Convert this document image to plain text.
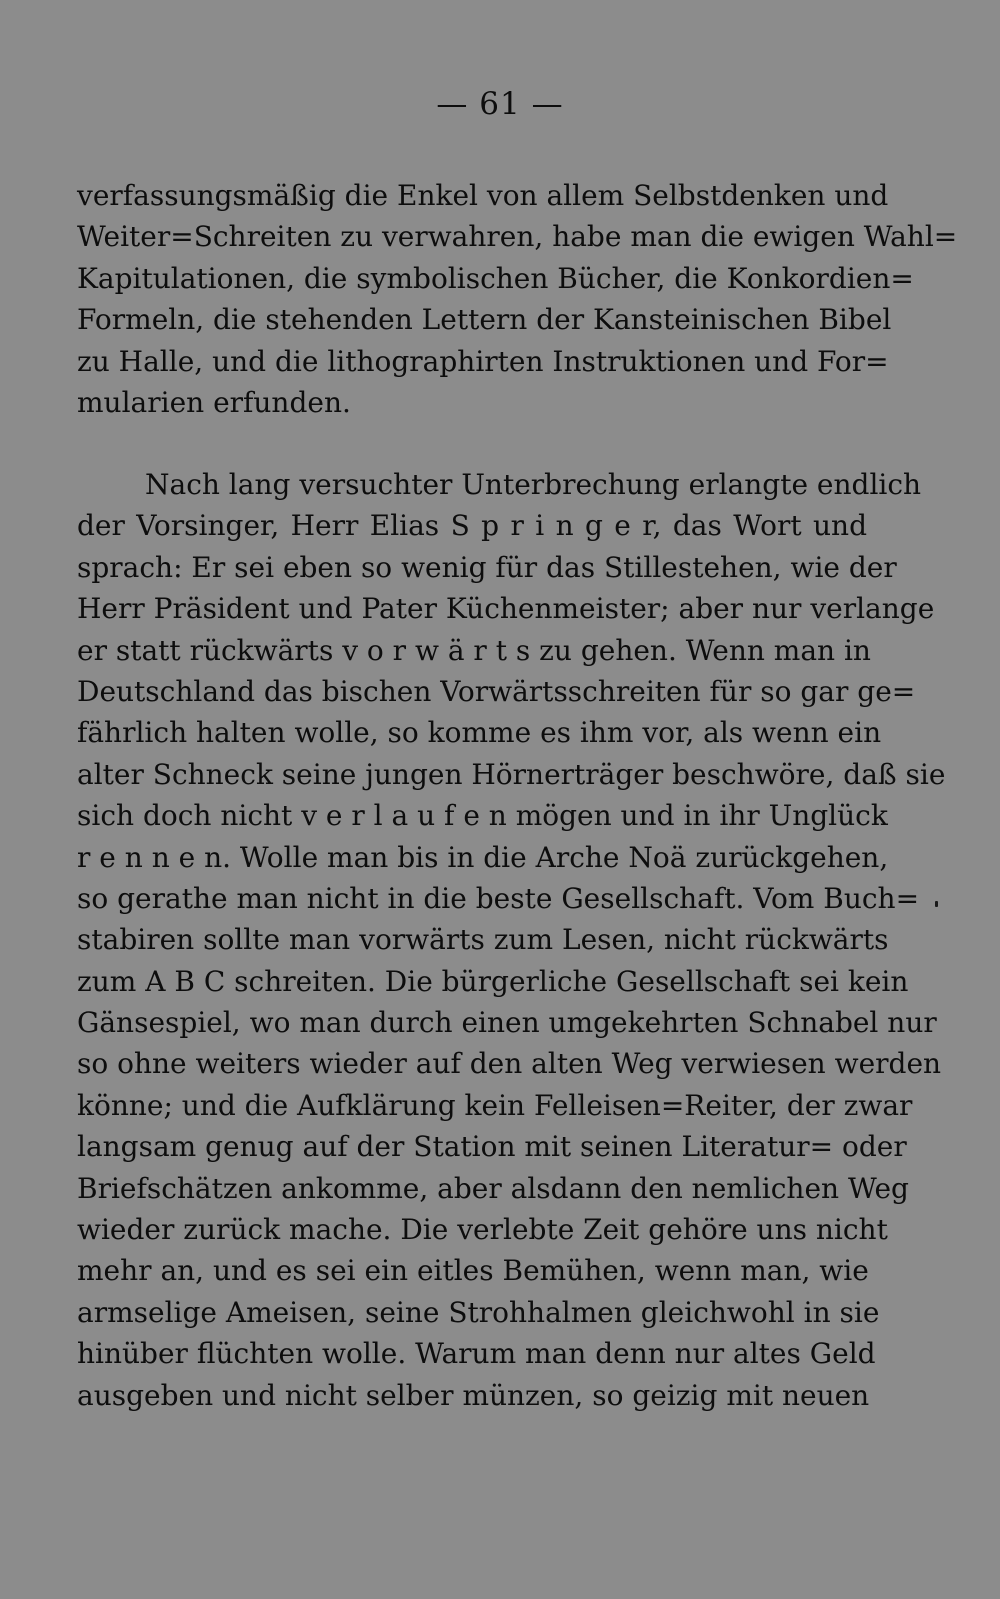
— 61 —
verfassungsmäßig die Enkel von allem Selbstdenken und
Weiter=Schreiten zu verwahren, habe man die ewigen Wahl=
Kapitulationen, die symbolischen Bücher, die Konkordien=
Formeln, die stehenden Lettern der Kansteinischen Bibel
zu Halle, und die lithographirten Instruktionen und For=
mularien erfunden.
Nach lang versuchter Unterbrechung erlangte endlich
der Vorsinger, Herr Elias S p r i n g e r, das Wort und
sprach: Er sei eben so wenig für das Stillestehen, wie der
Herr Präsident und Pater Küchenmeister; aber nur verlange
er statt rückwärts v o r w ä r t s zu gehen. Wenn man in
Deutschland das bischen Vorwärtsschreiten für so gar ge=
fährlich halten wolle, so komme es ihm vor, als wenn ein
alter Schneck seine jungen Hörnerträger beschwöre, daß sie
sich doch nicht v e r l a u f e n mögen und in ihr Unglück
r e n n e n. Wolle man bis in die Arche Noä zurückgehen,
so gerathe man nicht in die beste Gesellschaft. Vom Buch=
stabiren sollte man vorwärts zum Lesen, nicht rückwärts
zum A B C schreiten. Die bürgerliche Gesellschaft sei kein
Gänsespiel, wo man durch einen umgekehrten Schnabel nur
so ohne weiters wieder auf den alten Weg verwiesen werden
könne; und die Aufklärung kein Felleisen=Reiter, der zwar
langsam genug auf der Station mit seinen Literatur= oder
Briefschätzen ankomme, aber alsdann den nemlichen Weg
wieder zurück mache. Die verlebte Zeit gehöre uns nicht
mehr an, und es sei ein eitles Bemühen, wenn man, wie
armselige Ameisen, seine Strohhalmen gleichwohl in sie
hinüber flüchten wolle. Warum man denn nur altes Geld
ausgeben und nicht selber münzen, so geizig mit neuen
